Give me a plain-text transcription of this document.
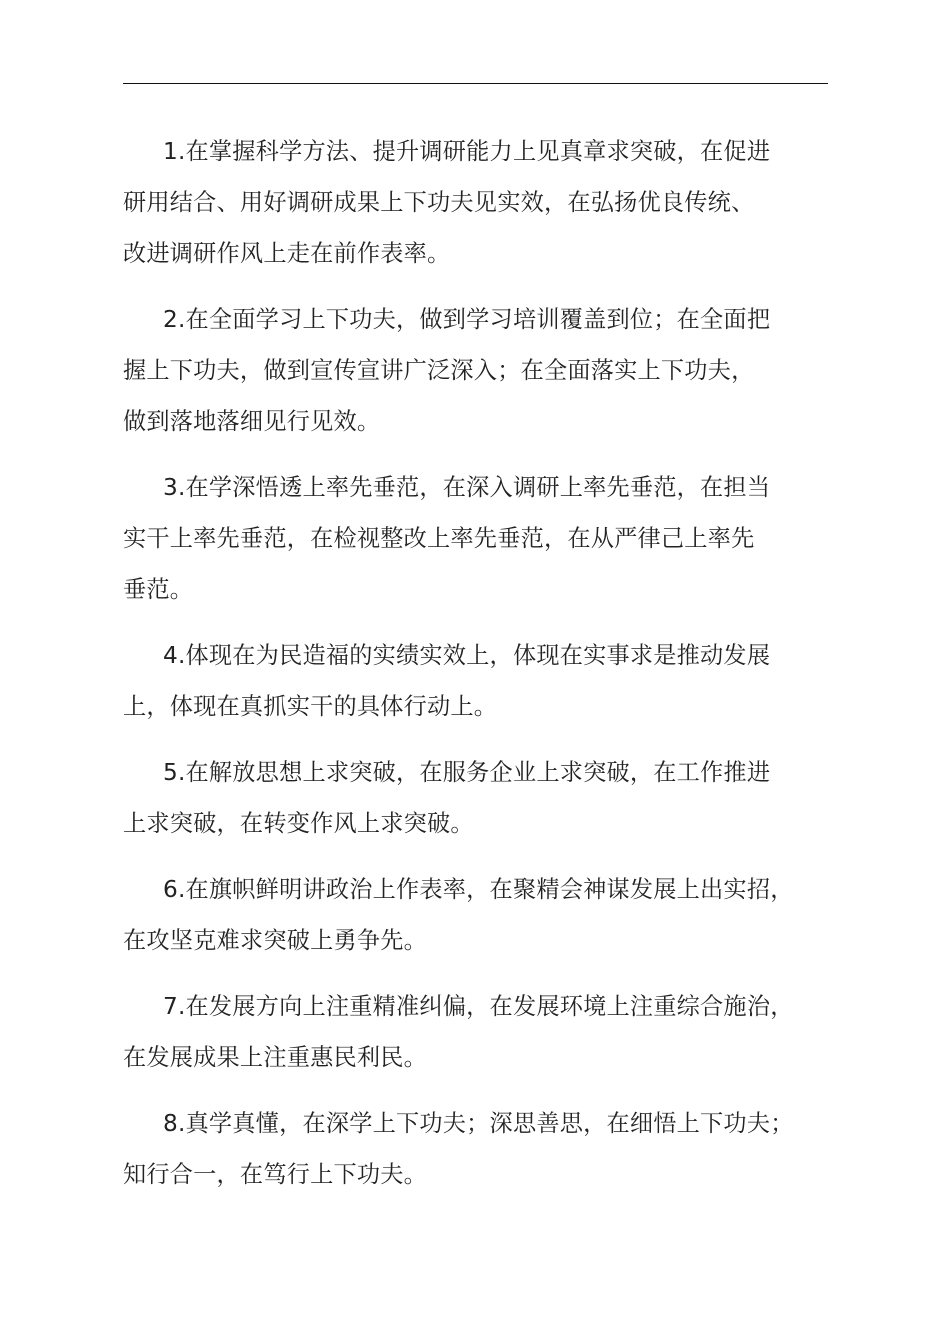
1.在掌握科学方法、提升调研能力上见真章求突破，在促进
研用结合、用好调研成果上下功夫见实效，在弘扬优良传统、
改进调研作风上走在前作表率。

2.在全面学习上下功夫，做到学习培训覆盖到位；在全面把
握上下功夫，做到宣传宣讲广泛深入；在全面落实上下功夫，
做到落地落细见行见效。

3.在学深悟透上率先垂范，在深入调研上率先垂范，在担当
实干上率先垂范，在检视整改上率先垂范，在从严律己上率先
垂范。

4.体现在为民造福的实绩实效上，体现在实事求是推动发展
上，体现在真抓实干的具体行动上。

5.在解放思想上求突破，在服务企业上求突破，在工作推进
上求突破，在转变作风上求突破。

6.在旗帜鲜明讲政治上作表率，在聚精会神谋发展上出实招，
在攻坚克难求突破上勇争先。

7.在发展方向上注重精准纠偏，在发展环境上注重综合施治，
在发展成果上注重惠民利民。

8.真学真懂，在深学上下功夫；深思善思，在细悟上下功夫；
知行合一，在笃行上下功夫。
